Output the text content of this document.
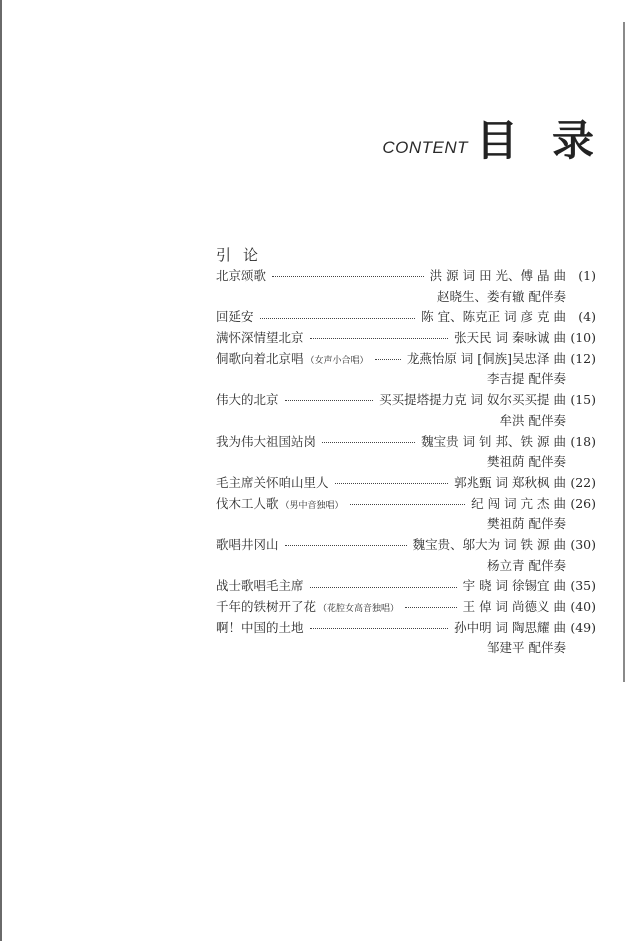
CONTENT 目录
引论
北京颂歌	洪 源 词 田 光、傅 晶 曲 (1)
赵晓生、娄有辙 配伴奏
回延安	陈 宜、陈克正 词 彦 克 曲 (4)
满怀深情望北京	张天民 词 秦咏诚 曲 (10)
侗歌向着北京唱 （女声小合唱）	龙燕怡原 词 [侗族]吴忠泽 曲 (12)
李吉提 配伴奏
伟大的北京	买买提塔提力克 词 奴尔买买提 曲 (15)
牟洪 配伴奏
我为伟大祖国站岗	魏宝贵 词 钊 邦、铁 源 曲 (18)
樊祖荫 配伴奏
毛主席关怀咱山里人	郭兆甄 词 郑秋枫 曲 (22)
伐木工人歌 （男中音独唱）	纪 闯 词 亢 杰 曲 (26)
樊祖荫 配伴奏
歌唱井冈山	魏宝贵、邬大为 词 铁 源 曲 (30)
杨立青 配伴奏
战士歌唱毛主席	宇 晓 词 徐锡宜 曲 (35)
千年的铁树开了花 （花腔女高音独唱）	王 倬 词 尚德义 曲 (40)
啊！中国的土地	孙中明 词 陶思耀 曲 (49)
邹建平 配伴奏
